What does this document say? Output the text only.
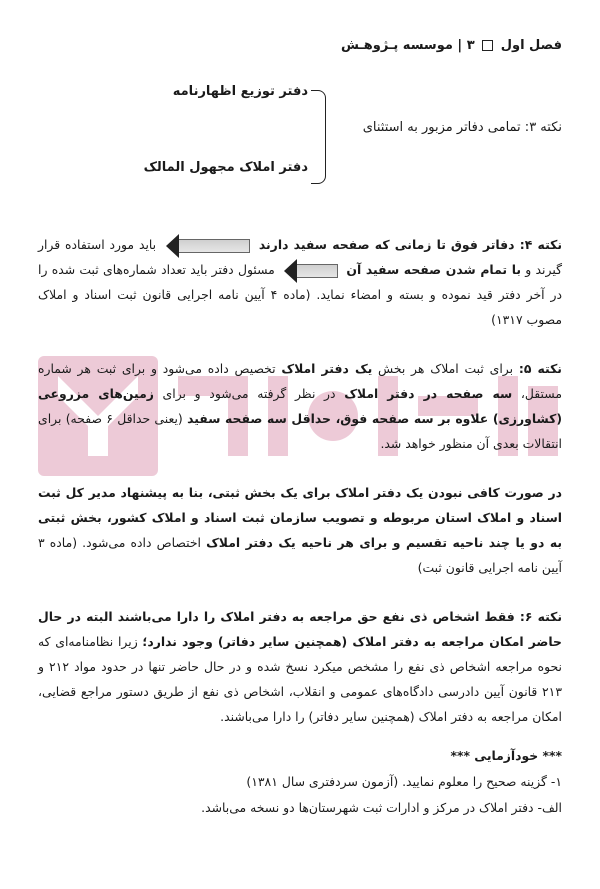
فصل اول  ۳ | موسسه پـژوهـش
نکته ۳: تمامی دفاتر مزبور به استثنای
دفتر توزیع اظهارنامه
دفتر املاک مجهول المالک
نکته ۴: دفاتر فوق تا زمانی که صفحه سفید دارند  باید مورد استفاده قرار گیرند و با تمام شدن صفحه سفید آن  مسئول دفتر باید تعداد شماره‌های ثبت شده را در آخر دفتر قید نموده و بسته و امضاء نماید. (ماده ۴ آیین نامه اجرایی قانون ثبت اسناد و املاک مصوب ۱۳۱۷)
نکته ۵: برای ثبت املاک هر بخش یک دفتر املاک تخصیص داده می‌شود و برای ثبت هر شماره مستقل، سه صفحه در دفتر املاک در نظر گرفته می‌شود و برای زمین‌های مزروعی (کشاورزی) علاوه بر سه صفحه فوق، حداقل سه صفحه سفید (یعنی حداقل ۶ صفحه) برای انتقالات بعدی آن منظور خواهد شد.
در صورت کافی نبودن یک دفتر املاک برای یک بخش ثبتی، بنا به پیشنهاد مدیر کل ثبت اسناد و املاک استان مربوطه و تصویب سازمان ثبت اسناد و املاک کشور، بخش ثبتی به دو یا چند ناحیه تقسیم و برای هر ناحیه یک دفتر املاک اختصاص داده می‌شود. (ماده ۳ آیین نامه اجرایی قانون ثبت)
نکته ۶: فقط اشخاص ذی نفع حق مراجعه به دفتر املاک را دارا می‌باشند البته در حال حاضر امکان مراجعه به دفتر املاک (همچنین سایر دفاتر) وجود ندارد؛ زیرا نظامنامه‌ای که نحوه مراجعه اشخاص ذی نفع را مشخص میکرد نسخ شده و در حال حاضر تنها در حدود مواد ۲۱۲ و ۲۱۳ قانون آیین دادرسی دادگاه‌های عمومی و انقلاب، اشخاص ذی نفع از طریق دستور مراجع قضایی، امکان مراجعه به دفتر املاک (همچنین سایر دفاتر) را دارا می‌باشند.
*** خودآزمایی ***
۱- گزینه صحیح را معلوم نمایید. (آزمون سردفتری سال ۱۳۸۱)
الف- دفتر املاک در مرکز و ادارات ثبت شهرستان‌ها دو نسخه می‌باشد.
